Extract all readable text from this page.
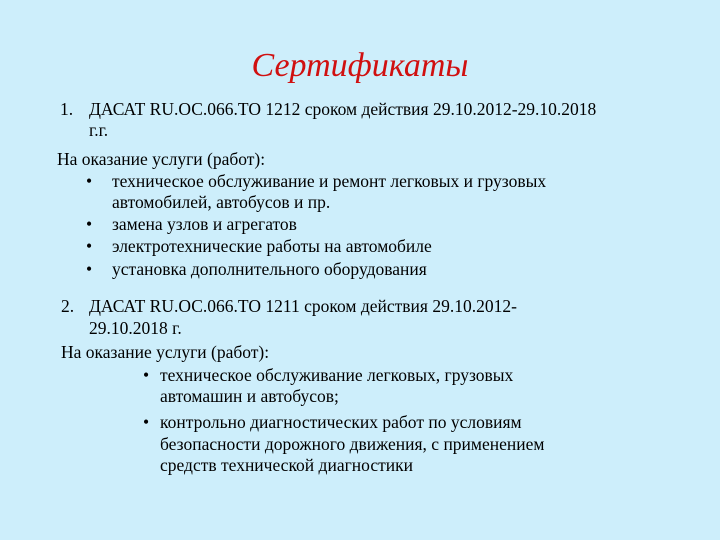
Сертификаты
1. ДАСАТ RU.ОС.066.ТО 1212 сроком действия 29.10.2012-29.10.2018
г.г.
На оказание услуги (работ):
• техническое обслуживание и ремонт легковых и грузовых
автомобилей, автобусов и пр.
• замена узлов и агрегатов
• электротехнические работы на автомобиле
• установка дополнительного оборудования
2. ДАСАТ RU.ОС.066.ТО 1211 сроком действия 29.10.2012-
29.10.2018 г.
На оказание услуги (работ):
• техническое обслуживание легковых, грузовых
автомашин и автобусов;
• контрольно диагностических работ по условиям
безопасности дорожного движения, с применением
средств технической диагностики
